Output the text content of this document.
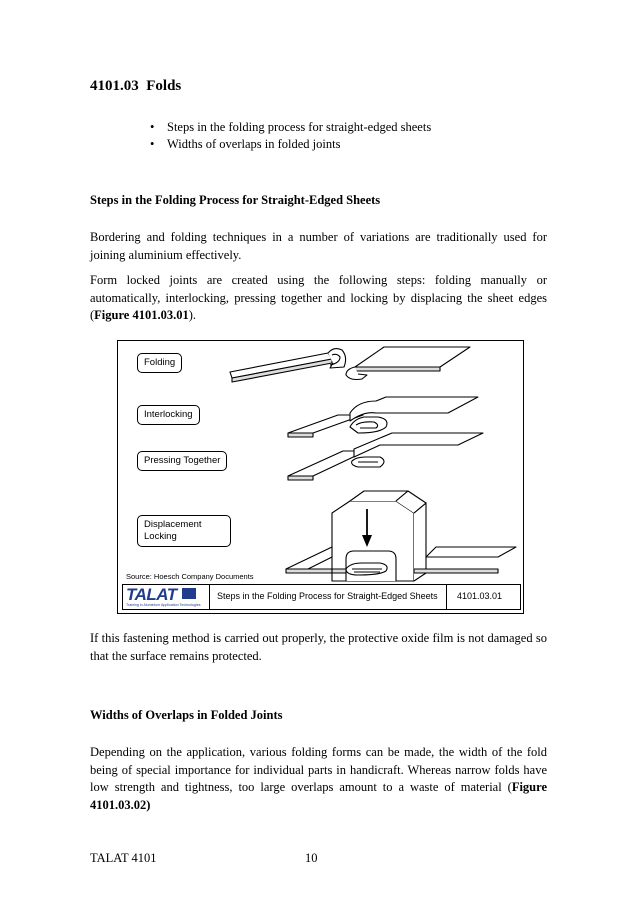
4101.03 Folds
• Steps in the folding process for straight-edged sheets
• Widths of overlaps in folded joints
Steps in the Folding Process for Straight-Edged Sheets
Bordering and folding techniques in a number of variations are traditionally used for joining aluminium effectively.
Form locked joints are created using the following steps: folding manually or automatically, interlocking, pressing together and locking by displacing the sheet edges (Figure 4101.03.01).
Folding
Interlocking
Pressing Together
Displacement
Locking
Source: Hoesch Company Documents
TALAT
Training in Aluminium Application Technologies
Steps in the Folding Process for Straight-Edged Sheets 4101.03.01
If this fastening method is carried out properly, the protective oxide film is not damaged so that the surface remains protected.
Widths of Overlaps in Folded Joints
Depending on the application, various folding forms can be made, the width of the fold being of special importance for individual parts in handicraft. Whereas narrow folds have low strength and tightness, too large overlaps amount to a waste of material (Figure 4101.03.02)
TALAT 4101	10
